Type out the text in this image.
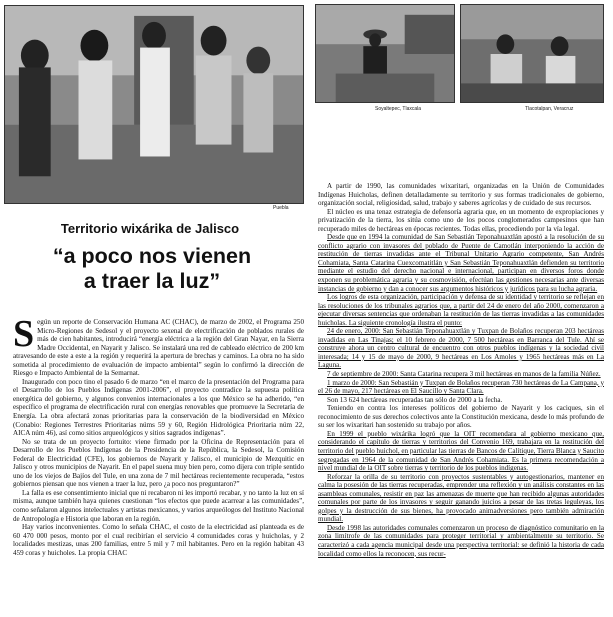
Puebla
Soyaltepec, Tlaxcala	Tlacotalpan, Veracruz
Territorio wixárika de Jalisco
“a poco nos vienen
a traer la luz”

Según un reporte de Conservación Humana AC (CHAC), de marzo de 2002, el Programa 250 Micro-Regiones de Sedesol y el proyecto sexenal de electrificación de poblados rurales de más de cien habitantes, introducirá “energía eléctrica a la región del Gran Nayar, en la Sierra Madre Occidental, en Nayarit y Jalisco. Se instalará una red de cableado eléctrico de 200 km atravesando de este a este a la región y requerirá la apertura de brechas y caminos. La obra no ha sido sometida al procedimiento de evaluación de impacto ambiental” según lo confirmó la dirección de Riesgo e Impacto Ambiental de la Semarnat.

Inaugurado con poco tino el pasado 6 de marzo “en el marco de la presentación del Programa para el Desarrollo de los Pueblos Indígenas 2001-2006”, el proyecto contradice la supuesta política energética del gobierno, y algunos convenios internacionales a los que México se ha adherido, “en específico el programa de electrificación rural con energías renovables que promueve la Secretaría de Energía. La obra afectará zonas prioritarias para la conservación de la biodiversidad en México (Conabio: Regiones Terrestres Prioritarias núms 59 y 60, Región Hidrológica Prioritaria núm 22, AICA núm 46), así como sitios arqueológicos y sitios sagrados indígenas”.

No se trata de un proyecto fortuito: viene firmado por la Oficina de Representación para el Desarrollo de los Pueblos Indígenas de la Presidencia de la República, la Sedesol, la Comisión Federal de Electricidad (CFE), los gobiernos de Nayarit y Jalisco, el municipio de Mezquitic en Jalisco y otros municipios de Nayarit. En el papel suena muy bien pero, como dijera con triple sentido uno de los viejos de Bajíos del Tule, en una zona de 7 mil hectáreas recientemente recuperada, “estos gobiernos piensan que nos vienen a traer la luz, pero ¿a poco nos preguntaron?”

La falla es ese consentimiento inicial que ni recabaron ni les importó recabar, y no tanto la luz en sí misma, aunque también haya quienes cuestionan “los efectos que puede acarrear a las comunidades”, como señalaron algunos intelectuales y artistas mexicanos, y varios arqueólogos del Instituto Nacional de Antropología e Historia que laboran en la región.

Hay varios inconvenientes. Como lo señala CHAC, el costo de la electricidad así planteada es de 60 470 000 pesos, monto por el cual recibirían el servicio 4 comunidades coras y huicholas, y 2 localidades mestizas, unas 200 familias, entre 5 mil y 7 mil habitantes. Pero en la región habitan 43 459 coras y huicholes. La propia CHAC

A partir de 1990, las comunidades wixaritari, organizadas en la Unión de Comunidades Indígenas Huicholas, definen detalladamente su territorio y sus formas tradicionales de gobierno, organización social, religiosidad, salud, trabajo y saberes agrícolas y de cuidado de sus recursos.

El núcleo es una tenaz estrategia de defensoría agraria que, en un momento de expropiaciones y privatización de la tierra, los sitúa como uno de los pocos conglomerados campesinos que han recuperado miles de hectáreas en épocas recientes. Todas ellas, procediendo por la vía legal.

Desde que en 1994 la comunidad de San Sebastián Teponahuaxtlán apostó a la resolución de su conflicto agrario con invasores del poblado de Puente de Camotlán interponiendo la acción de restitución de tierras invadidas ante el Tribunal Unitario Agrario competente, San Andrés Cohamiata, Santa Catarina Cuexcomatitlán y San Sebastián Teponahuaxtlán defienden su territorio mediante el estudio del derecho nacional e internacional, participan en diversos foros donde exponen su problemática agraria y su cosmovisión, efectúan las gestiones necesarias ante diversas instancias de gobierno y dan a conocer sus argumentos históricos y jurídicos para su lucha agraria.

Los logros de esta organización, participación y defensa de su identidad y territorio se reflejan en las resoluciones de los tribunales agrarios que, a partir del 24 de enero del año 2000, comenzaron a ejecutar diversas sentencias que ordenaban la restitución de las tierras invadidas a las comunidades huicholas. La siguiente cronología ilustra el punto:

24 de enero, 2000: San Sebastián Teponahuaxtlán y Tuxpan de Bolaños recuperan 203 hectáreas invadidas en Las Tinajas; el 10 febrero de 2000, 7 500 hectáreas en Barranca del Tule. Ahí se construye ahora un centro cultural de encuentro con otros pueblos indígenas y la sociedad civil interesada; 14 y 15 de mayo de 2000, 9 hectáreas en Los Amoles y 1965 hectáreas más en La Laguna.

7 de septiembre de 2000: Santa Catarina recupera 3 mil hectáreas en manos de la familia Núñez.

1 marzo de 2000: San Sebastián y Tuxpan de Bolaños recuperan 730 hectáreas de La Campana, y el 26 de mayo, 217 hectáreas en El Saucillo y Santa Clara.

Son 13 624 hectáreas recuperadas tan sólo de 2000 a la fecha.

Teniendo en contra los intereses políticos del gobierno de Nayarit y los caciques, sin el reconocimiento de sus derechos colectivos ante la Constitución mexicana, desde lo más profundo de su ser los wixaritari han sostenido su trabajo por años.

En 1999 el pueblo wixárika logró que la OIT recomendara al gobierno mexicano que, considerando el capítulo de tierras y territorios del Convenio 169, trabajara en la restitución del territorio del pueblo huichol, en particular las tierras de Bancos de Calítique, Tierra Blanca y Saucito segregadas en 1964 de la comunidad de San Andrés Cohamiata. Es la primera recomendación a nivel mundial de la OIT sobre tierras y territorio de los pueblos indígenas.

Reforzar la orilla de su territorio con proyectos sustentables y autogestionarios, mantener en calma la posesión de las tierras recuperadas, emprender una reflexión y un análisis constantes en las asambleas comunales, resistir en paz las amenazas de muerte que han recibido algunas autoridades comunales por parte de los invasores y seguir ganando juicios a pesar de las tretas leguleyas, los golpes y la destrucción de sus bienes, ha provocado animadversiones pero también admiración mundial.

Desde 1998 las autoridades comunales comenzaron un proceso de diagnóstico comunitario en la zona limítrofe de las comunidades para proteger territorial y ambientalmente su territorio. Se caracterizó a cada agencia municipal desde una perspectiva territorial: se definió la historia de cada localidad como ellos la reconocen, sus recur-
